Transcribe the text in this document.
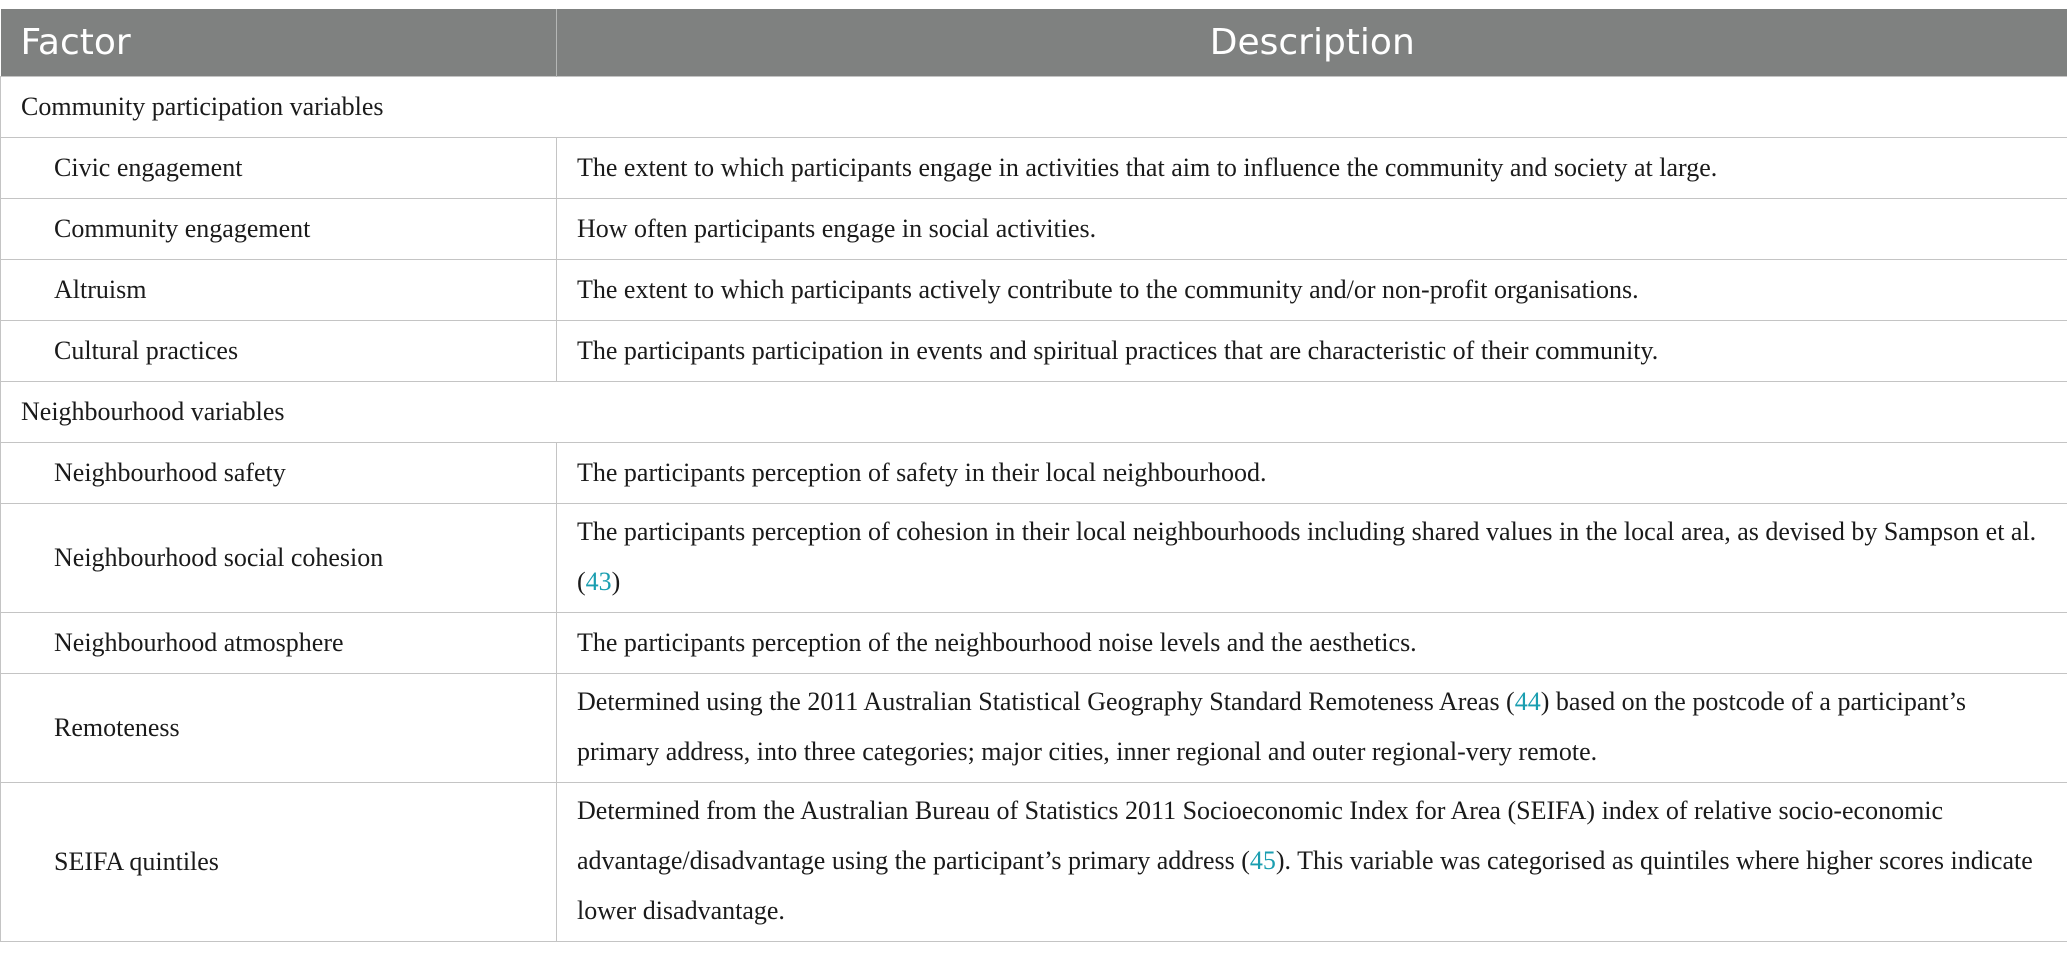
Factor	Description
Community participation variables	
Civic engagement	The extent to which participants engage in activities that aim to influence the community and society at large.
Community engagement	How often participants engage in social activities.
Altruism	The extent to which participants actively contribute to the community and/or non-profit organisations.
Cultural practices	The participants participation in events and spiritual practices that are characteristic of their community.
Neighbourhood variables	
Neighbourhood safety	The participants perception of safety in their local neighbourhood.
Neighbourhood social cohesion	The participants perception of cohesion in their local neighbourhoods including shared values in the local area, as devised by Sampson et al. (43)
Neighbourhood atmosphere	The participants perception of the neighbourhood noise levels and the aesthetics.
Remoteness	Determined using the 2011 Australian Statistical Geography Standard Remoteness Areas (44) based on the postcode of a participant’s primary address, into three categories; major cities, inner regional and outer regional-very remote.
SEIFA quintiles	Determined from the Australian Bureau of Statistics 2011 Socioeconomic Index for Area (SEIFA) index of relative socio-economic advantage/disadvantage using the participant’s primary address (45). This variable was categorised as quintiles where higher scores indicate lower disadvantage.
